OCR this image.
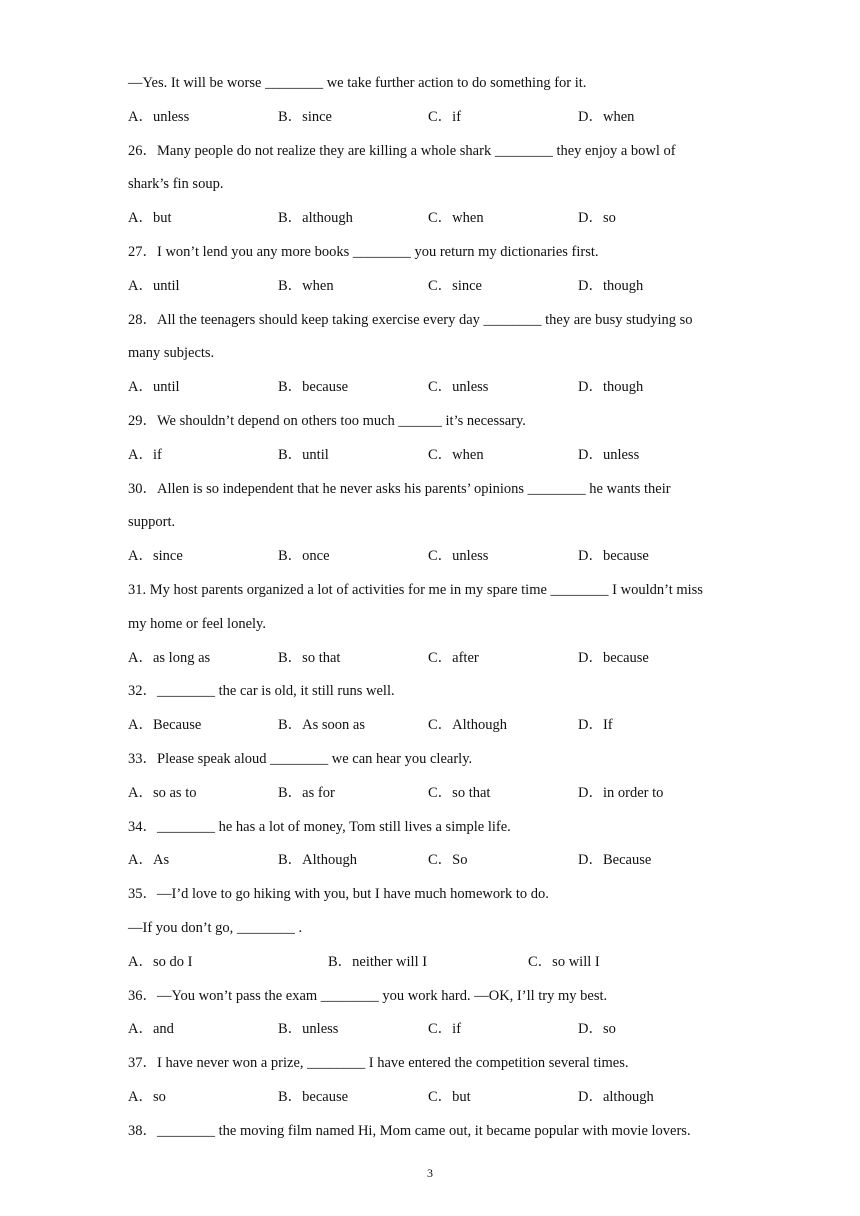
—Yes. It will be worse ________ we take further action to do something for it.
A．unless	B．since	C．if	D．when
26．Many people do not realize they are killing a whole shark ________ they enjoy a bowl of
shark’s fin soup.
A．but	B．although	C．when	D．so
27．I won’t lend you any more books ________ you return my dictionaries first.
A．until	B．when	C．since	D．though
28．All the teenagers should keep taking exercise every day ________ they are busy studying so
many subjects.
A．until	B．because	C．unless	D．though
29．We shouldn’t depend on others too much ______ it’s necessary.
A．if	B．until	C．when	D．unless
30．Allen is so independent that he never asks his parents’ opinions ________ he wants their
support.
A．since	B．once	C．unless	D．because
31. My host parents organized a lot of activities for me in my spare time ________ I wouldn’t miss
my home or feel lonely.
A．as long as	B．so that	C．after	D．because
32．________ the car is old, it still runs well.
A．Because	B．As soon as	C．Although	D．If
33．Please speak aloud ________ we can hear you clearly.
A．so as to	B．as for	C．so that	D．in order to
34．________ he has a lot of money, Tom still lives a simple life.
A．As	B．Although	C．So	D．Because
35．—I’d love to go hiking with you, but I have much homework to do.
—If you don’t go, ________ .
A．so do I	B．neither will I	C．so will I
36．—You won’t pass the exam ________ you work hard. —OK, I’ll try my best.
A．and	B．unless	C．if	D．so
37．I have never won a prize, ________ I have entered the competition several times.
A．so	B．because	C．but	D．although
38．________ the moving film named Hi, Mom came out, it became popular with movie lovers.
3
